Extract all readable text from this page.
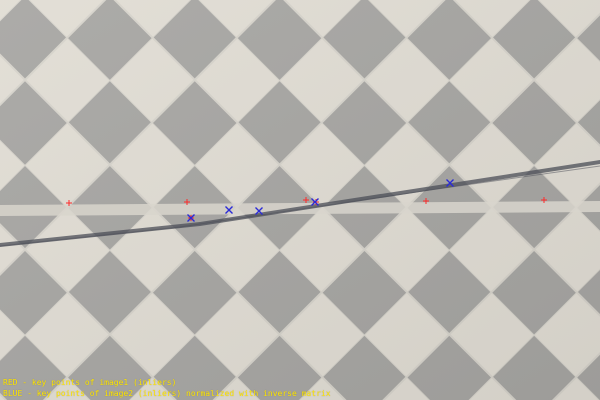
RED - key points of image1 (inliers)
BLUE - key points of image2 (inliers) normalized with inverse matrix
